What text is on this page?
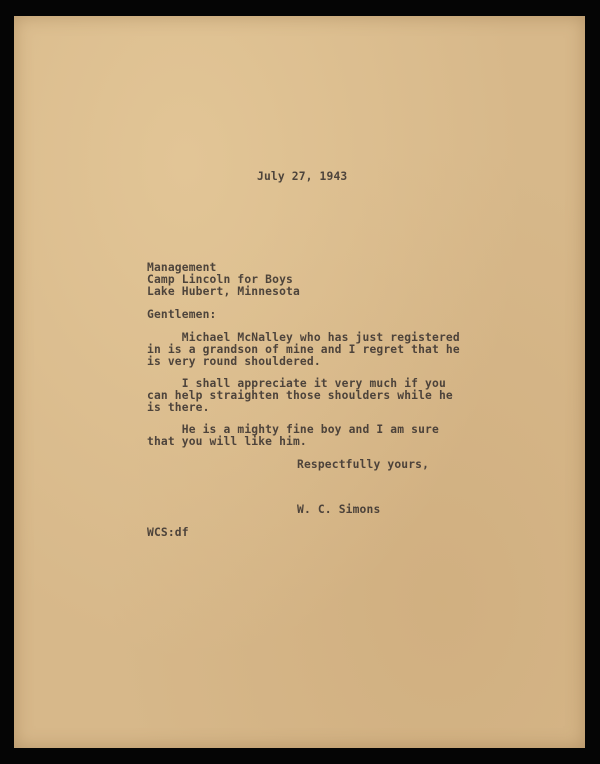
July 27, 1943
Management
Camp Lincoln for Boys
Lake Hubert, Minnesota
Gentlemen:
Michael McNalley who has just registered
in is a grandson of mine and I regret that he
is very round shouldered.
I shall appreciate it very much if you
can help straighten those shoulders while he
is there.
He is a mighty fine boy and I am sure
that you will like him.
Respectfully yours,
W. C. Simons
WCS:df
